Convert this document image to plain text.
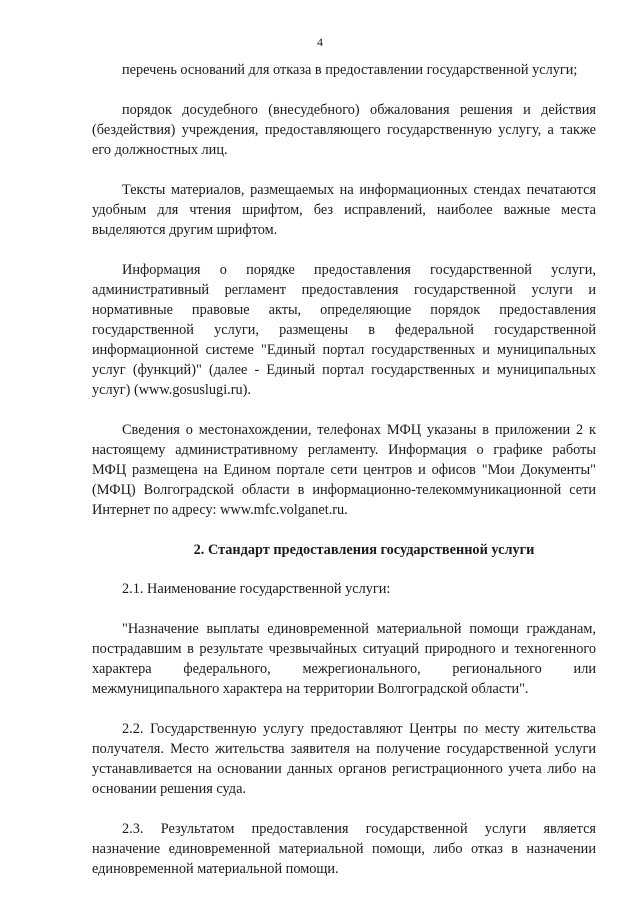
4

перечень оснований для отказа в предоставлении государственной услуги;

порядок досудебного (внесудебного) обжалования решения и действия (бездействия) учреждения, предоставляющего государственную услугу, а также его должностных лиц.

Тексты материалов, размещаемых на информационных стендах печатаются удобным для чтения шрифтом, без исправлений, наиболее важные места выделяются другим шрифтом.

Информация о порядке предоставления государственной услуги, административный регламент предоставления государственной услуги и нормативные правовые акты, определяющие порядок предоставления государственной услуги, размещены в федеральной государственной информационной системе "Единый портал государственных и муниципальных услуг (функций)" (далее - Единый портал государственных и муниципальных услуг) (www.gosuslugi.ru).

Сведения о местонахождении, телефонах МФЦ указаны в приложении 2 к настоящему административному регламенту. Информация о графике работы МФЦ размещена на Едином портале сети центров и офисов "Мои Документы" (МФЦ) Волгоградской области в информационно-телекоммуникационной сети Интернет по адресу: www.mfc.volganet.ru.

2. Стандарт предоставления государственной услуги

2.1. Наименование государственной услуги:

"Назначение выплаты единовременной материальной помощи гражданам, пострадавшим в результате чрезвычайных ситуаций природного и техногенного характера федерального, межрегионального, регионального или межмуниципального характера на территории Волгоградской области".

2.2. Государственную услугу предоставляют Центры по месту жительства получателя. Место жительства заявителя на получение государственной услуги устанавливается на основании данных органов регистрационного учета либо на основании решения суда.

2.3. Результатом предоставления государственной услуги является назначение единовременной материальной помощи, либо отказ в назначении единовременной материальной помощи.
